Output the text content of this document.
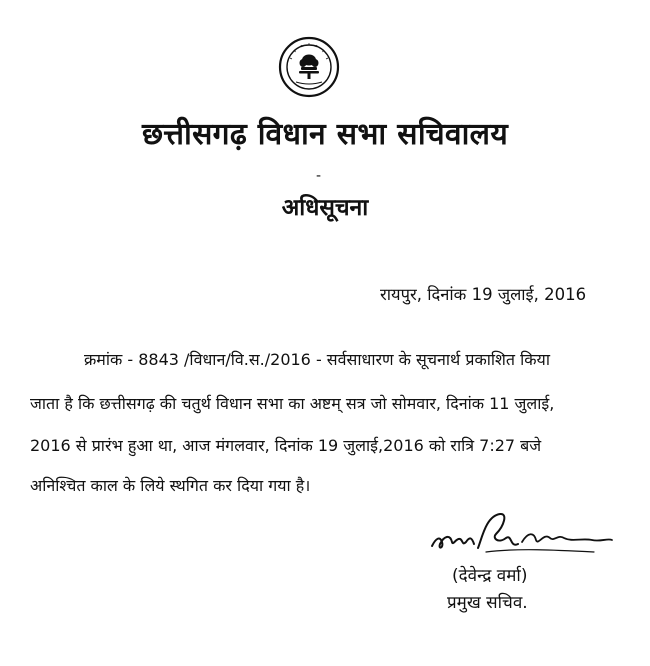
छत्तीसगढ़ विधान सभा सचिवालय
-
अधिसूचना
रायपुर, दिनांक 19 जुलाई, 2016
क्रमांक - 8843 /विधान/वि.स./2016 - सर्वसाधारण के सूचनार्थ प्रकाशित किया
जाता है कि छत्तीसगढ़ की चतुर्थ विधान सभा का अष्टम् सत्र जो सोमवार, दिनांक 11 जुलाई,
2016 से प्रारंभ हुआ था, आज मंगलवार, दिनांक 19 जुलाई,2016 को रात्रि 7:27 बजे
अनिश्चित काल के लिये स्थगित कर दिया गया है।
(देवेन्द्र वर्मा)
प्रमुख सचिव.
